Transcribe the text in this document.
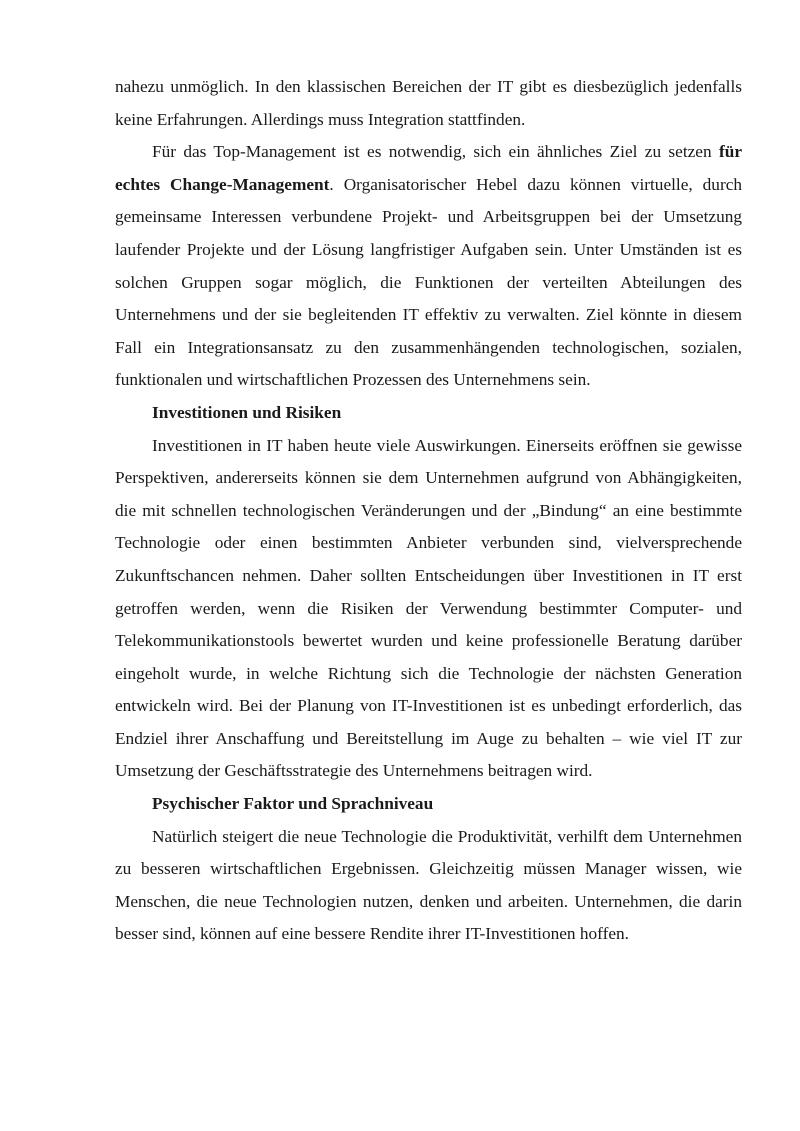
nahezu unmöglich. In den klassischen Bereichen der IT gibt es diesbezüglich jedenfalls keine Erfahrungen. Allerdings muss Integration stattfinden.

Für das Top-Management ist es notwendig, sich ein ähnliches Ziel zu setzen für echtes Change-Management. Organisatorischer Hebel dazu können virtuelle, durch gemeinsame Interessen verbundene Projekt- und Arbeitsgruppen bei der Umsetzung laufender Projekte und der Lösung langfristiger Aufgaben sein. Unter Umständen ist es solchen Gruppen sogar möglich, die Funktionen der verteilten Abteilungen des Unternehmens und der sie begleitenden IT effektiv zu verwalten. Ziel könnte in diesem Fall ein Integrationsansatz zu den zusammenhängenden technologischen, sozialen, funktionalen und wirtschaftlichen Prozessen des Unternehmens sein.

Investitionen und Risiken

Investitionen in IT haben heute viele Auswirkungen. Einerseits eröffnen sie gewisse Perspektiven, andererseits können sie dem Unternehmen aufgrund von Abhängigkeiten, die mit schnellen technologischen Veränderungen und der „Bindung“ an eine bestimmte Technologie oder einen bestimmten Anbieter verbunden sind, vielversprechende Zukunftschancen nehmen. Daher sollten Entscheidungen über Investitionen in IT erst getroffen werden, wenn die Risiken der Verwendung bestimmter Computer- und Telekommunikationstools bewertet wurden und keine professionelle Beratung darüber eingeholt wurde, in welche Richtung sich die Technologie der nächsten Generation entwickeln wird. Bei der Planung von IT-Investitionen ist es unbedingt erforderlich, das Endziel ihrer Anschaffung und Bereitstellung im Auge zu behalten – wie viel IT zur Umsetzung der Geschäftsstrategie des Unternehmens beitragen wird.

Psychischer Faktor und Sprachniveau

Natürlich steigert die neue Technologie die Produktivität, verhilft dem Unternehmen zu besseren wirtschaftlichen Ergebnissen. Gleichzeitig müssen Manager wissen, wie Menschen, die neue Technologien nutzen, denken und arbeiten. Unternehmen, die darin besser sind, können auf eine bessere Rendite ihrer IT-Investitionen hoffen.
